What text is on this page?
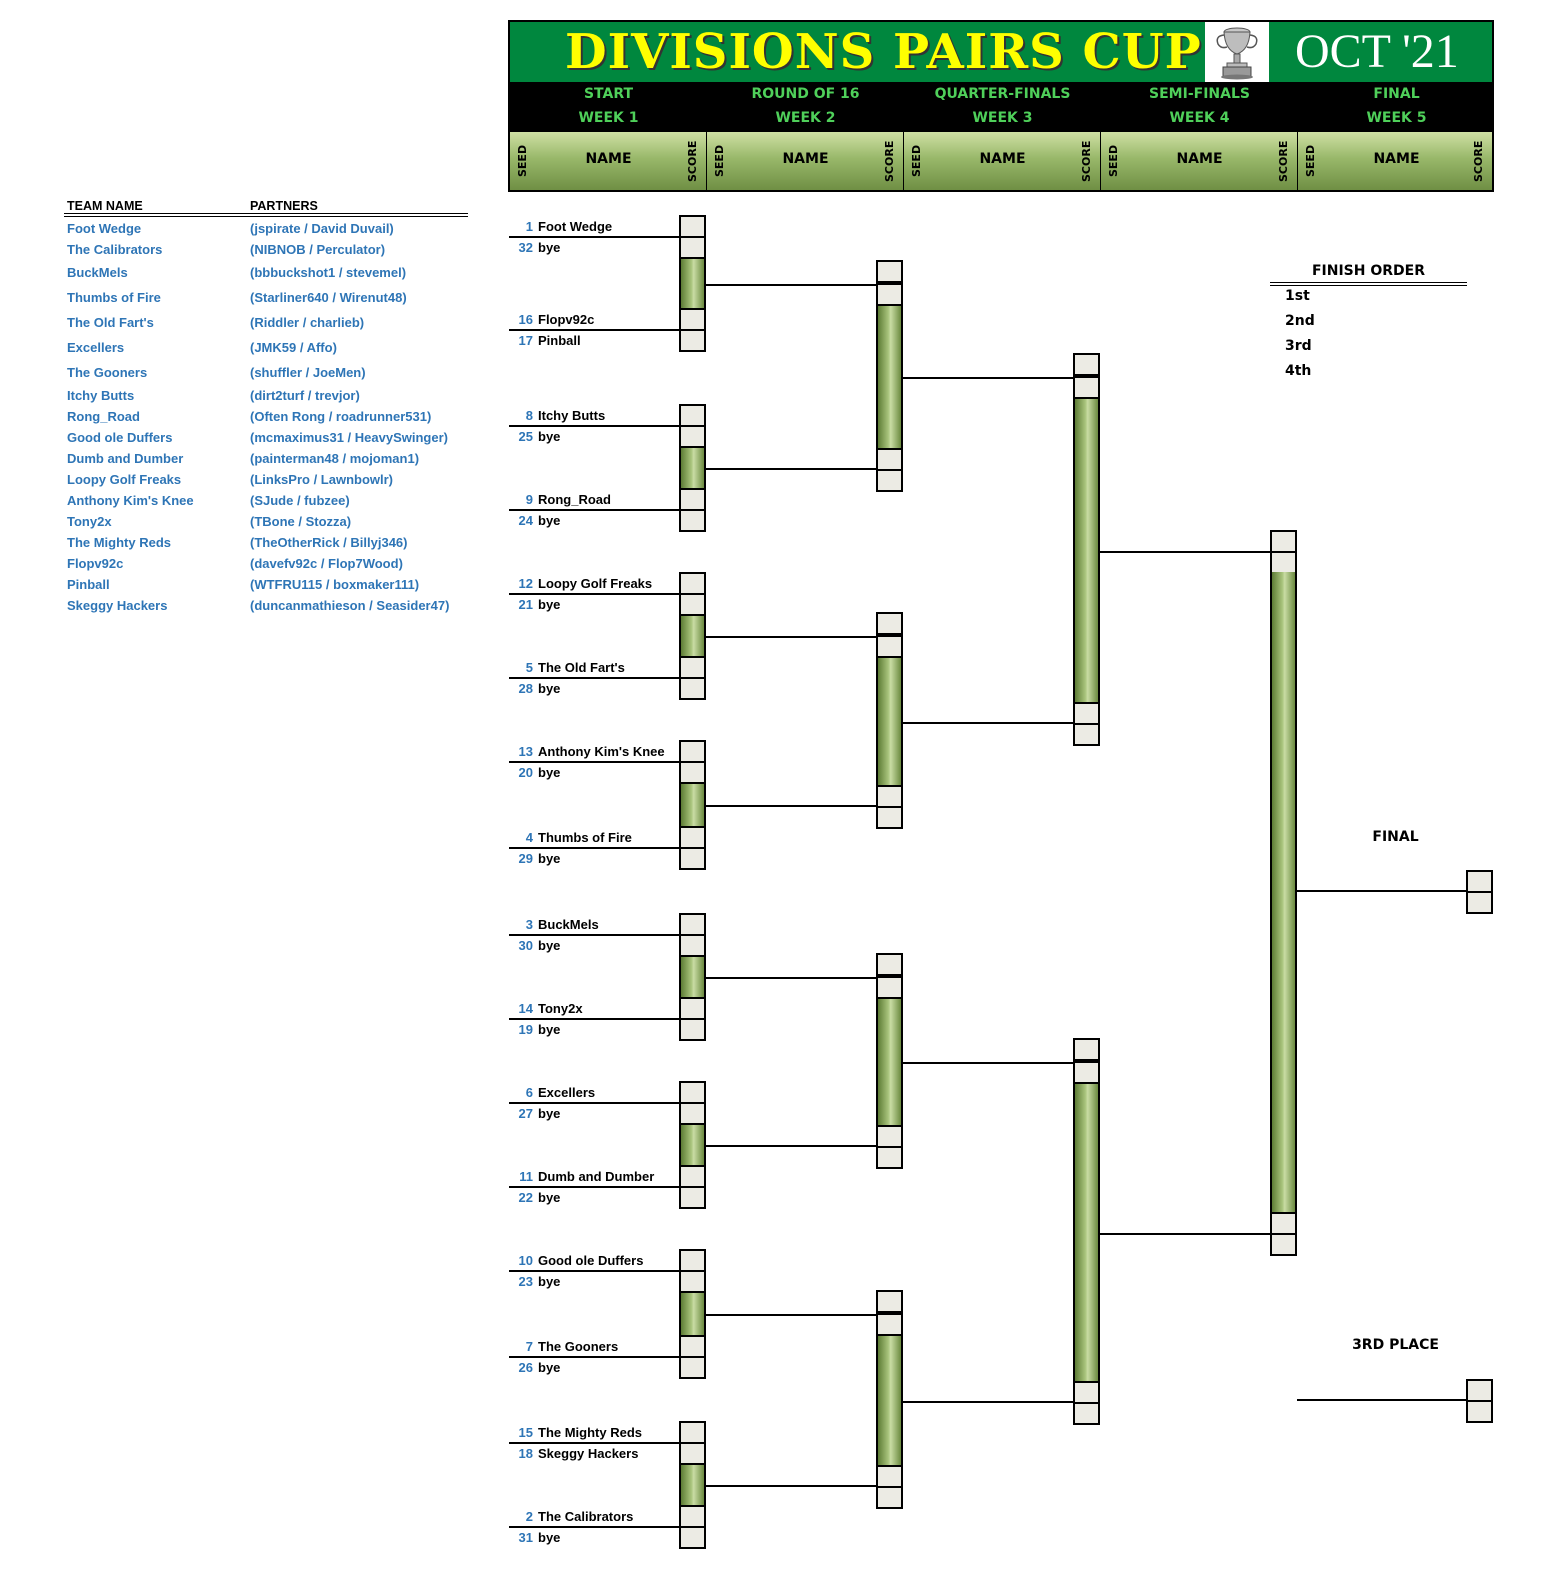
TEAM NAME	PARTNERS
Foot Wedge	(jspirate / David Duvail)
The Calibrators	(NIBNOB / Perculator)
BuckMels	(bbbuckshot1 / stevemel)
Thumbs of Fire	(Starliner640 / Wirenut48)
The Old Fart's	(Riddler / charlieb)
Excellers	(JMK59 / Affo)
The Gooners	(shuffler / JoeMen)
Itchy Butts	(dirt2turf / trevjor)
Rong_Road	(Often Rong / roadrunner531)
Good ole Duffers	(mcmaximus31 / HeavySwinger)
Dumb and Dumber	(painterman48 / mojoman1)
Loopy Golf Freaks	(LinksPro / Lawnbowlr)
Anthony Kim's Knee	(SJude / fubzee)
Tony2x	(TBone / Stozza)
The Mighty Reds	(TheOtherRick / Billyj346)
Flopv92c	(davefv92c / Flop7Wood)
Pinball	(WTFRU115 / boxmaker111)
Skeggy Hackers	(duncanmathieson / Seasider47)
DIVISIONS PAIRS CUP OCT '21
START
WEEK 1
ROUND OF 16
WEEK 2
QUARTER-FINALS
WEEK 3
SEMI-FINALS
WEEK 4
FINAL
WEEK 5
SEED	NAME	SCORE	SEED	NAME	SCORE	SEED	NAME	SCORE	SEED	NAME	SCORE	SEED	NAME	SCORE
1 Foot Wedge
32 bye
16 Flopv92c
17 Pinball
8 Itchy Butts
25 bye
9 Rong_Road
24 bye
12 Loopy Golf Freaks
21 bye
5 The Old Fart's
28 bye
13 Anthony Kim's Knee
20 bye
4 Thumbs of Fire
29 bye
3 BuckMels
30 bye
14 Tony2x
19 bye
6 Excellers
27 bye
11 Dumb and Dumber
22 bye
10 Good ole Duffers
23 bye
7 The Gooners
26 bye
15 The Mighty Reds
18 Skeggy Hackers
2 The Calibrators
31 bye
FINISH ORDER
1st
2nd
3rd
4th
FINAL
3RD PLACE
